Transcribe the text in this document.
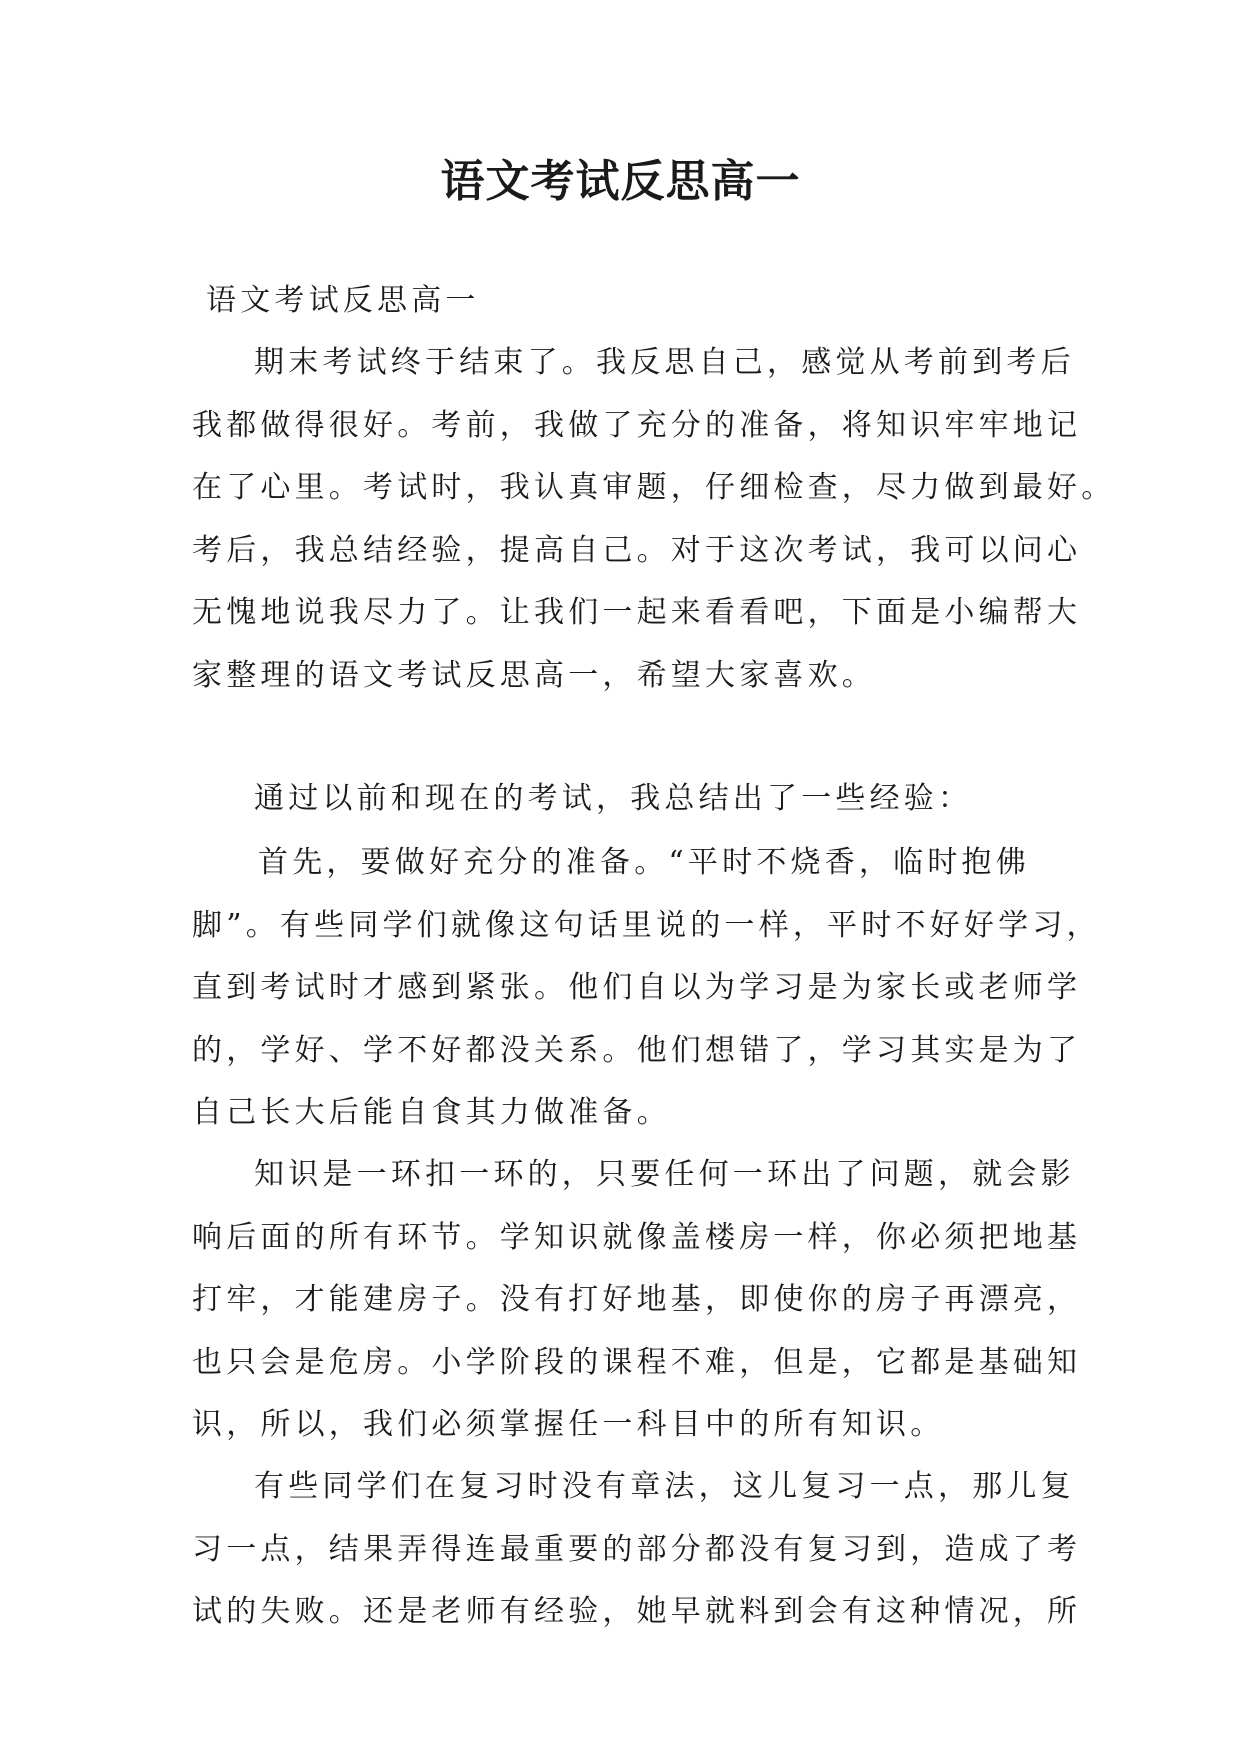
语文考试反思高一
语文考试反思高一
期末考试终于结束了。我反思自己，感觉从考前到考后
我都做得很好。考前，我做了充分的准备，将知识牢牢地记
在了心里。考试时，我认真审题，仔细检查，尽力做到最好。
考后，我总结经验，提高自己。对于这次考试，我可以问心
无愧地说我尽力了。让我们一起来看看吧，下面是小编帮大
家整理的语文考试反思高一，希望大家喜欢。
通过以前和现在的考试，我总结出了一些经验：
首先，要做好充分的准备。“平时不烧香，临时抱佛
脚”。有些同学们就像这句话里说的一样，平时不好好学习，
直到考试时才感到紧张。他们自以为学习是为家长或老师学
的，学好、学不好都没关系。他们想错了，学习其实是为了
自己长大后能自食其力做准备。
知识是一环扣一环的，只要任何一环出了问题，就会影
响后面的所有环节。学知识就像盖楼房一样，你必须把地基
打牢，才能建房子。没有打好地基，即使你的房子再漂亮，
也只会是危房。小学阶段的课程不难，但是，它都是基础知
识，所以，我们必须掌握任一科目中的所有知识。
有些同学们在复习时没有章法，这儿复习一点，那儿复
习一点，结果弄得连最重要的部分都没有复习到，造成了考
试的失败。还是老师有经验，她早就料到会有这种情况，所
